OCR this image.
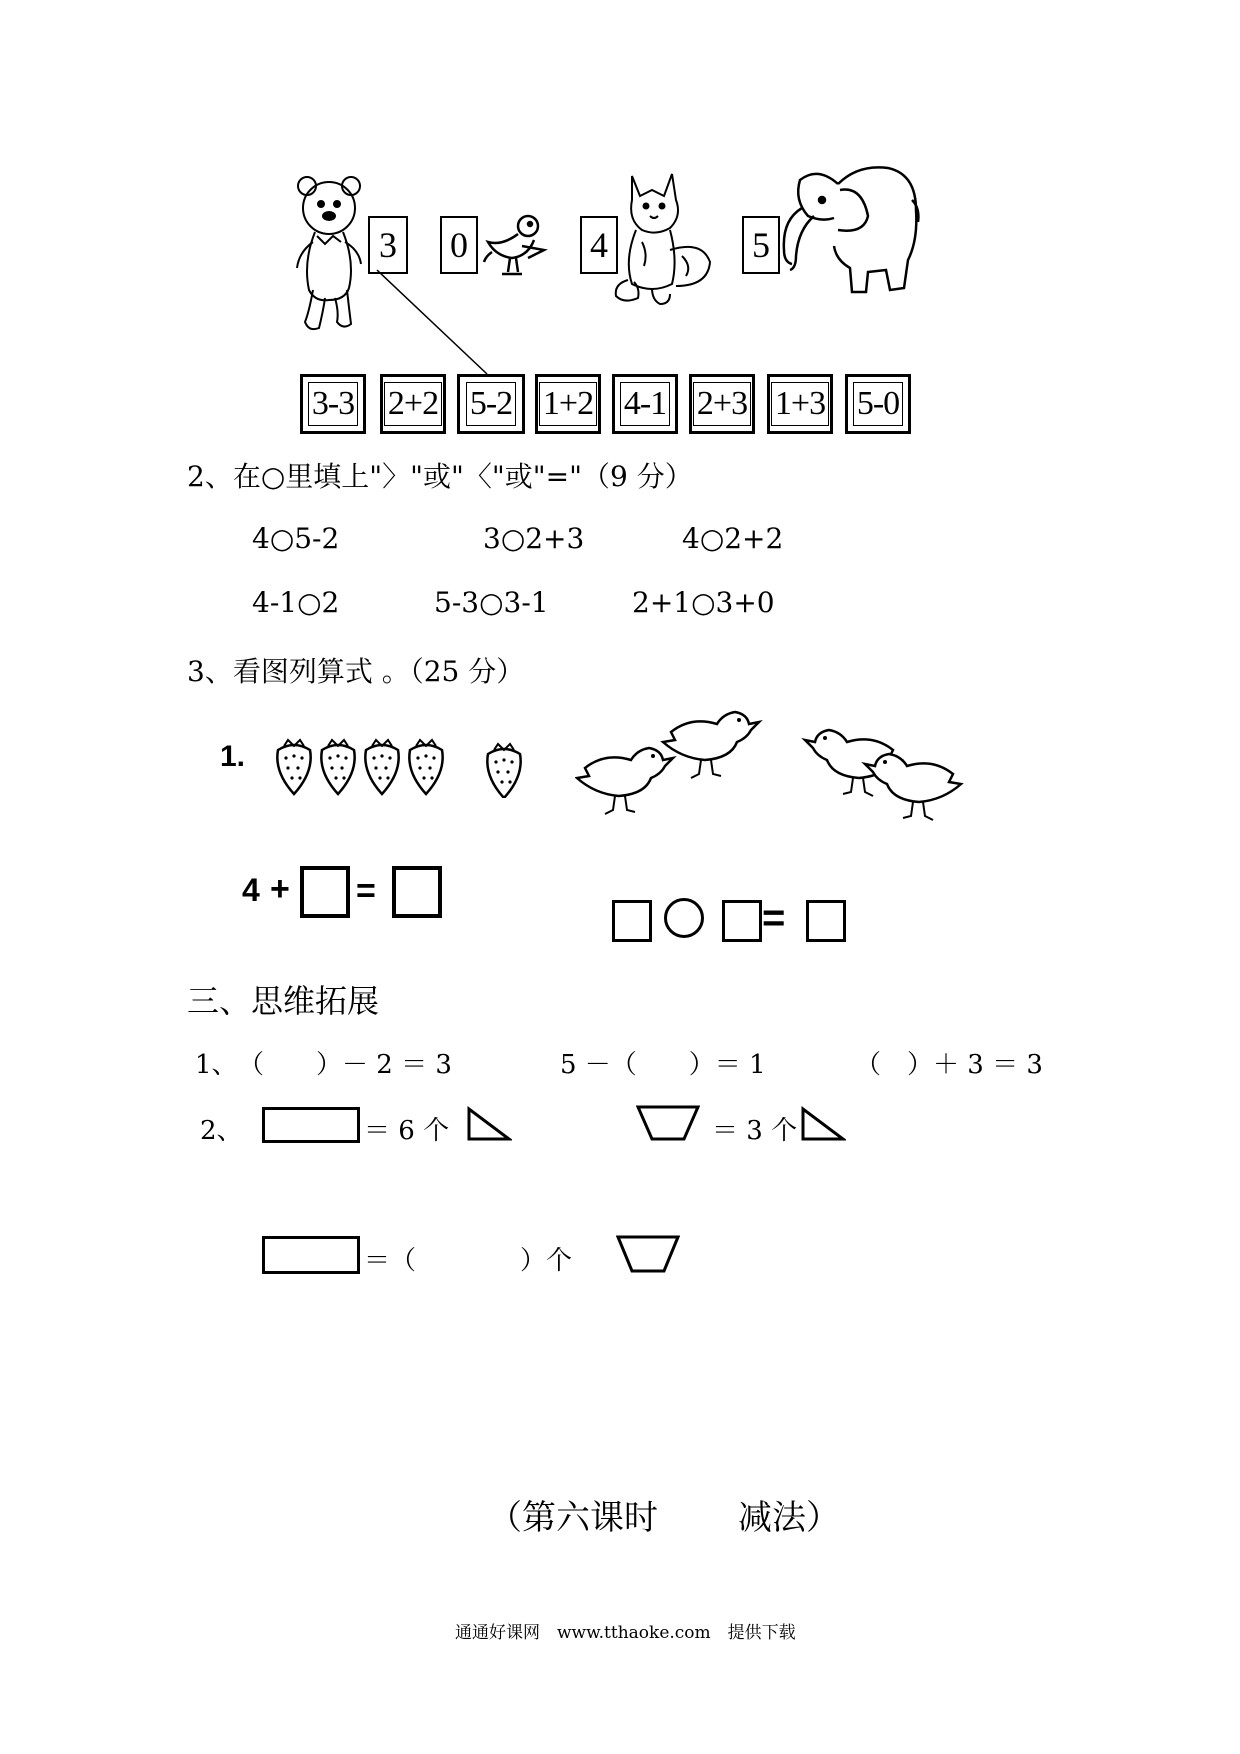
3	0	4	5
3-3 2+2 5-2 1+2 4-1 2+3 1+3 5-0
2、在○里填上"〉"或"〈"或"="（9 分）
4○5-2	3○2+3	4○2+2
4-1○2	5-3○3-1	2+1○3+0
3、看图列算式 。（25 分）
1.
4 + =
=
三、思维拓展
1、 （　　）－ 2 ＝ 3	5 －（　　）＝ 1	（　）＋ 3 ＝ 3
2、	＝ 6 个	＝ 3 个
＝（　　　　）个
（第六课时 减法）
通通好课网　www.tthaoke.com　提供下载
